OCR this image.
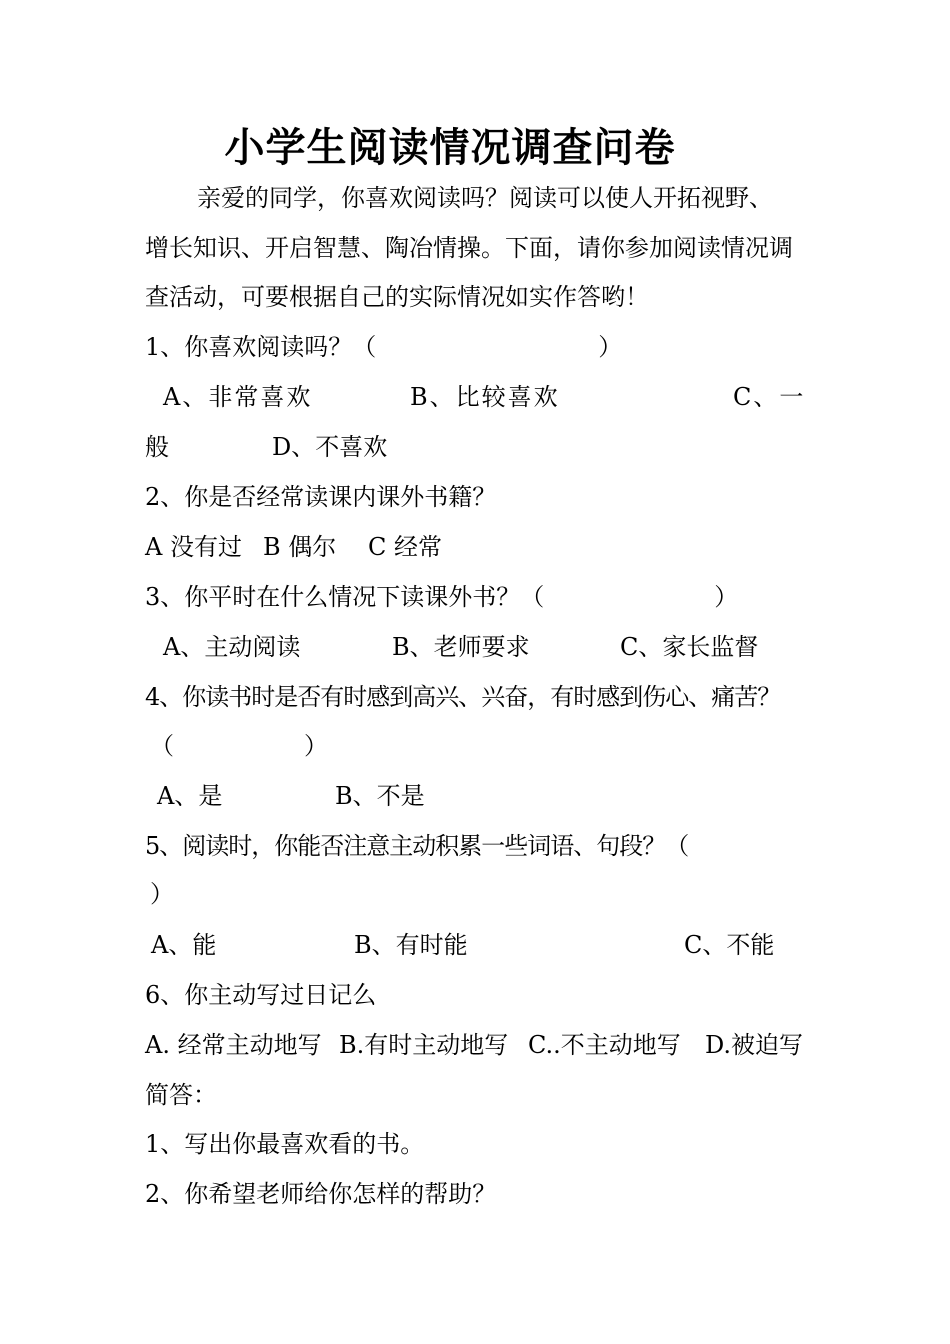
小学生阅读情况调查问卷
亲爱的同学，你喜欢阅读吗？阅读可以使人开拓视野、
增长知识、开启智慧、陶冶情操。下面，请你参加阅读情况调
查活动，可要根据自己的实际情况如实作答哟！
1、你喜欢阅读吗？（	）
A、非常喜欢	B、比较喜欢	C、一
般	D、不喜欢
2、你是否经常读课内课外书籍？
A 没有过 B 偶尔 C 经常
3、你平时在什么情况下读课外书？（	）
A、主动阅读	B、老师要求	C、家长监督
4、你读书时是否有时感到高兴、兴奋，有时感到伤心、痛苦？
（	）
A、是	B、不是
5、阅读时，你能否注意主动积累一些词语、句段？（
）
A、能	B、有时能	C、不能
6、你主动写过日记么
A. 经常主动地写 B.有时主动地写 C..不主动地写 D.被迫写
简答：
1、写出你最喜欢看的书。
2、你希望老师给你怎样的帮助？
